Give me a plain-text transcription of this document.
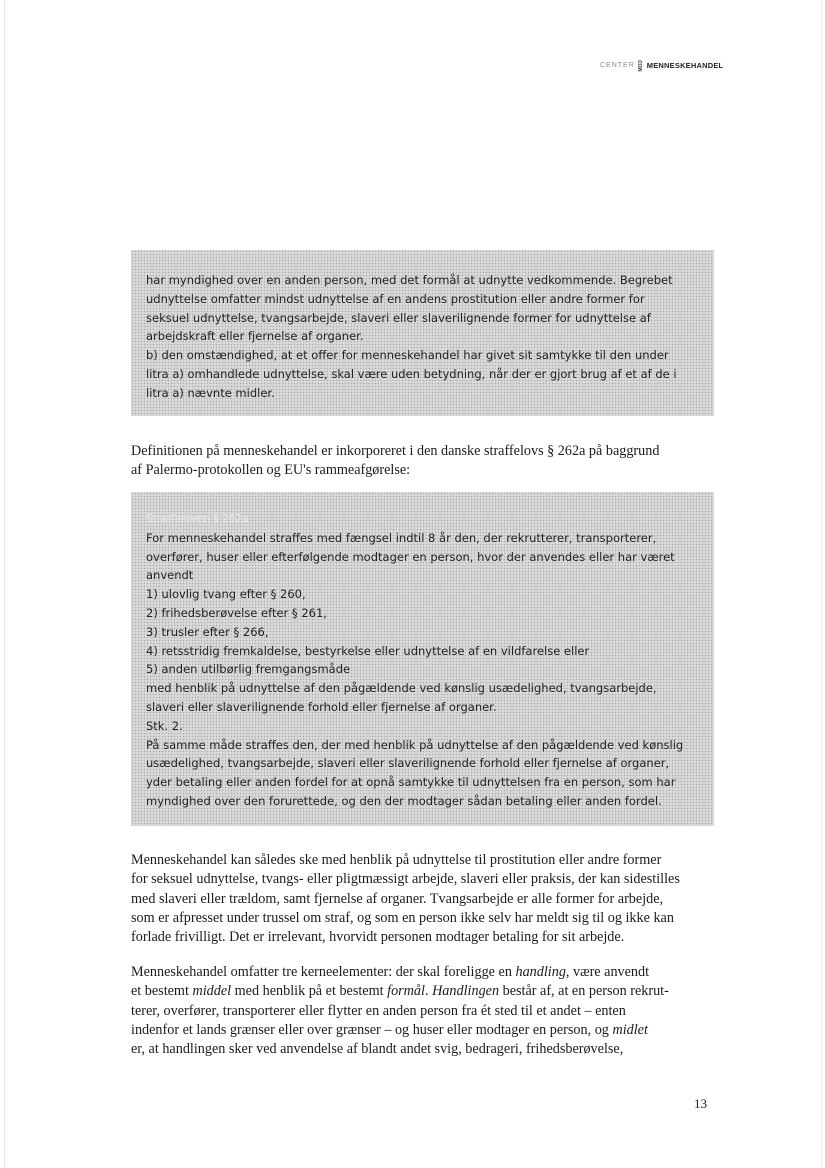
CENTER MOD MENNESKEHANDEL

har myndighed over en anden person, med det formål at udnytte vedkommende. Begrebet

udnyttelse omfatter mindst udnyttelse af en andens prostitution eller andre former for

seksuel udnyttelse, tvangsarbejde, slaveri eller slaverilignende former for udnyttelse af

arbejdskraft eller fjernelse af organer.

b) den omstændighed, at et offer for menneskehandel har givet sit samtykke til den under

litra a) omhandlede udnyttelse, skal være uden betydning, når der er gjort brug af et af de i

litra a) nævnte midler.

Definitionen på menneskehandel er inkorporeret i den danske straffelovs § 262a på baggrund
af Palermo-protokollen og EU's rammeafgørelse:

Straffeloven § 262a

For menneskehandel straffes med fængsel indtil 8 år den, der rekrutterer, transporterer,

overfører, huser eller efterfølgende modtager en person, hvor der anvendes eller har været

anvendt

1) ulovlig tvang efter § 260,

2) frihedsberøvelse efter § 261,

3) trusler efter § 266,

4) retsstridig fremkaldelse, bestyrkelse eller udnyttelse af en vildfarelse eller

5) anden utilbørlig fremgangsmåde

med henblik på udnyttelse af den pågældende ved kønslig usædelighed, tvangsarbejde,

slaveri eller slaverilignende forhold eller fjernelse af organer.

Stk. 2.

På samme måde straffes den, der med henblik på udnyttelse af den pågældende ved kønslig

usædelighed, tvangsarbejde, slaveri eller slaverilignende forhold eller fjernelse af organer,

yder betaling eller anden fordel for at opnå samtykke til udnyttelsen fra en person, som har

myndighed over den forurettede, og den der modtager sådan betaling eller anden fordel.

Menneskehandel kan således ske med henblik på udnyttelse til prostitution eller andre former
for seksuel udnyttelse, tvangs- eller pligtmæssigt arbejde, slaveri eller praksis, der kan sidestilles
med slaveri eller trældom, samt fjernelse af organer. Tvangsarbejde er alle former for arbejde,
som er afpresset under trussel om straf, og som en person ikke selv har meldt sig til og ikke kan
forlade frivilligt. Det er irrelevant, hvorvidt personen modtager betaling for sit arbejde.
Menneskehandel omfatter tre kerneelementer: der skal foreligge en handling, være anvendt
et bestemt middel med henblik på et bestemt formål. Handlingen består af, at en person rekrut-
terer, overfører, transporterer eller flytter en anden person fra ét sted til et andet – enten
indenfor et lands grænser eller over grænser – og huser eller modtager en person, og midlet
er, at handlingen sker ved anvendelse af blandt andet svig, bedrageri, frihedsberøvelse,
13
